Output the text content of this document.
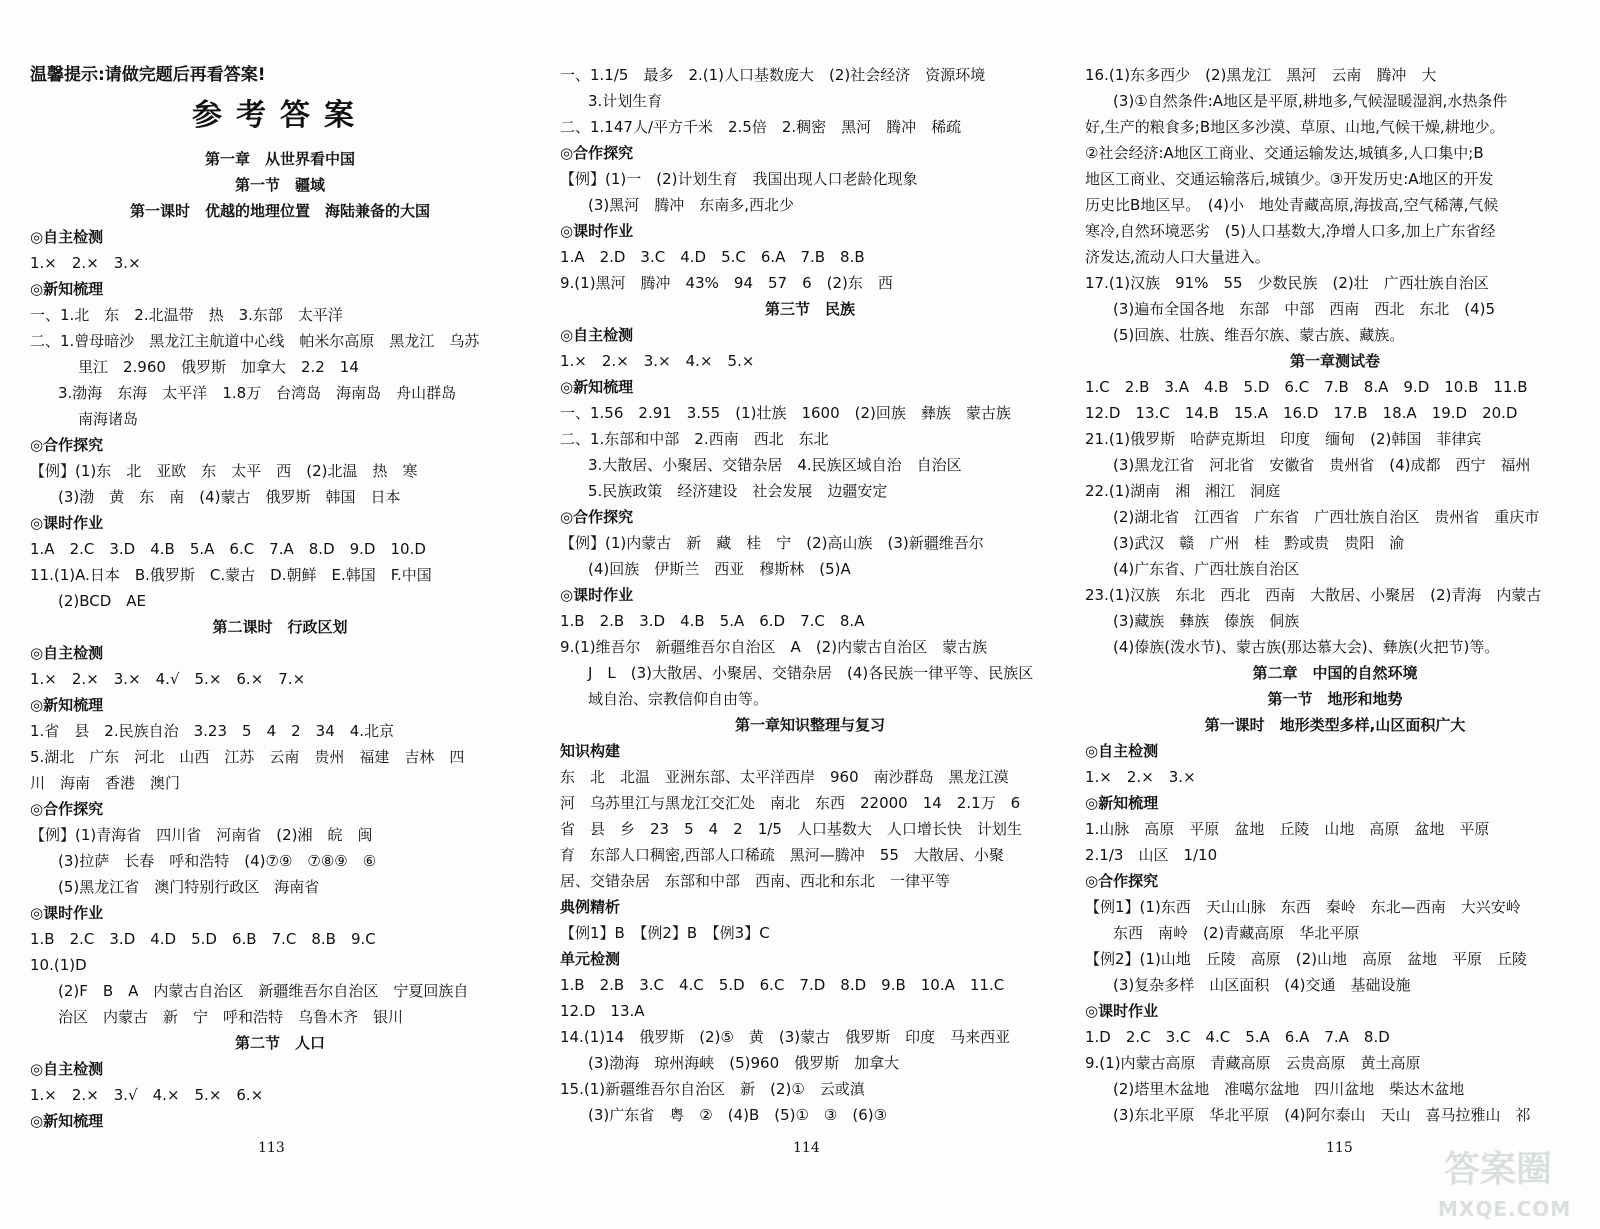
温馨提示:请做完题后再看答案!
参考答案
第一章　从世界看中国
第一节　疆域
第一课时　优越的地理位置　海陆兼备的大国
◎自主检测
1.×　2.×　3.×
◎新知梳理
一、1.北　东　2.北温带　热　3.东部　太平洋
二、1.曾母暗沙　黑龙江主航道中心线　帕米尔高原　黑龙江　乌苏
里江　2.960　俄罗斯　加拿大　2.2　14
3.渤海　东海　太平洋　1.8万　台湾岛　海南岛　舟山群岛
南海诸岛
◎合作探究
【例】(1)东　北　亚欧　东　太平　西　(2)北温　热　寒
(3)渤　黄　东　南　(4)蒙古　俄罗斯　韩国　日本
◎课时作业
1.A　2.C　3.D　4.B　5.A　6.C　7.A　8.D　9.D　10.D
11.(1)A.日本　B.俄罗斯　C.蒙古　D.朝鲜　E.韩国　F.中国
(2)BCD　AE
第二课时　行政区划
◎自主检测
1.×　2.×　3.×　4.√　5.×　6.×　7.×
◎新知梳理
1.省　县　2.民族自治　3.23　5　4　2　34　4.北京
5.湖北　广东　河北　山西　江苏　云南　贵州　福建　吉林　四
川　海南　香港　澳门
◎合作探究
【例】(1)青海省　四川省　河南省　(2)湘　皖　闽
(3)拉萨　长春　呼和浩特　(4)⑦⑨　⑦⑧⑨　⑥
(5)黑龙江省　澳门特别行政区　海南省
◎课时作业
1.B　2.C　3.D　4.D　5.D　6.B　7.C　8.B　9.C
10.(1)D
(2)F　B　A　内蒙古自治区　新疆维吾尔自治区　宁夏回族自
治区　内蒙古　新　宁　呼和浩特　乌鲁木齐　银川
第二节　人口
◎自主检测
1.×　2.×　3.√　4.×　5.×　6.×
◎新知梳理
一、1.1/5　最多　2.(1)人口基数庞大　(2)社会经济　资源环境
3.计划生育
二、1.147人/平方千米　2.5倍　2.稠密　黑河　腾冲　稀疏
◎合作探究
【例】(1)一　(2)计划生育　我国出现人口老龄化现象
(3)黑河　腾冲　东南多,西北少
◎课时作业
1.A　2.D　3.C　4.D　5.C　6.A　7.B　8.B
9.(1)黑河　腾冲　43%　94　57　6　(2)东　西
第三节　民族
◎自主检测
1.×　2.×　3.×　4.×　5.×
◎新知梳理
一、1.56　2.91　3.55　(1)壮族　1600　(2)回族　彝族　蒙古族
二、1.东部和中部　2.西南　西北　东北
3.大散居、小聚居、交错杂居　4.民族区域自治　自治区
5.民族政策　经济建设　社会发展　边疆安定
◎合作探究
【例】(1)内蒙古　新　藏　桂　宁　(2)高山族　(3)新疆维吾尔
(4)回族　伊斯兰　西亚　穆斯林　(5)A
◎课时作业
1.B　2.B　3.D　4.B　5.A　6.D　7.C　8.A
9.(1)维吾尔　新疆维吾尔自治区　A　(2)内蒙古自治区　蒙古族
J　L　(3)大散居、小聚居、交错杂居　(4)各民族一律平等、民族区
域自治、宗教信仰自由等。
第一章知识整理与复习
知识构建
东　北　北温　亚洲东部、太平洋西岸　960　南沙群岛　黑龙江漠
河　乌苏里江与黑龙江交汇处　南北　东西　22000　14　2.1万　6
省　县　乡　23　5　4　2　1/5　人口基数大　人口增长快　计划生
育　东部人口稠密,西部人口稀疏　黑河—腾冲　55　大散居、小聚
居、交错杂居　东部和中部　西南、西北和东北　一律平等
典例精析
【例1】B　【例2】B　【例3】C
单元检测
1.B　2.B　3.C　4.C　5.D　6.C　7.D　8.D　9.B　10.A　11.C
12.D　13.A
14.(1)14　俄罗斯　(2)⑤　黄　(3)蒙古　俄罗斯　印度　马来西亚
(3)渤海　琼州海峡　(5)960　俄罗斯　加拿大
15.(1)新疆维吾尔自治区　新　(2)①　云或滇
(3)广东省　粤　②　(4)B　(5)①　③　(6)③
16.(1)东多西少　(2)黑龙江　黑河　云南　腾冲　大
(3)①自然条件:A地区是平原,耕地多,气候湿暖湿润,水热条件
好,生产的粮食多;B地区多沙漠、草原、山地,气候干燥,耕地少。
②社会经济:A地区工商业、交通运输发达,城镇多,人口集中;B
地区工商业、交通运输落后,城镇少。③开发历史:A地区的开发
历史比B地区早。　(4)小　地处青藏高原,海拔高,空气稀薄,气候
寒冷,自然环境恶劣　(5)人口基数大,净增人口多,加上广东省经
济发达,流动人口大量进入。
17.(1)汉族　91%　55　少数民族　(2)壮　广西壮族自治区
(3)遍布全国各地　东部　中部　西南　西北　东北　(4)5
(5)回族、壮族、维吾尔族、蒙古族、藏族。
第一章测试卷
1.C　2.B　3.A　4.B　5.D　6.C　7.B　8.A　9.D　10.B　11.B
12.D　13.C　14.B　15.A　16.D　17.B　18.A　19.D　20.D
21.(1)俄罗斯　哈萨克斯坦　印度　缅甸　(2)韩国　菲律宾
(3)黑龙江省　河北省　安徽省　贵州省　(4)成都　西宁　福州
22.(1)湖南　湘　湘江　洞庭
(2)湖北省　江西省　广东省　广西壮族自治区　贵州省　重庆市
(3)武汉　赣　广州　桂　黔或贵　贵阳　渝
(4)广东省、广西壮族自治区
23.(1)汉族　东北　西北　西南　大散居、小聚居　(2)青海　内蒙古
(3)藏族　彝族　傣族　侗族
(4)傣族(泼水节)、蒙古族(那达慕大会)、彝族(火把节)等。
第二章　中国的自然环境
第一节　地形和地势
第一课时　地形类型多样,山区面积广大
◎自主检测
1.×　2.×　3.×
◎新知梳理
1.山脉　高原　平原　盆地　丘陵　山地　高原　盆地　平原
2.1/3　山区　1/10
◎合作探究
【例1】(1)东西　天山山脉　东西　秦岭　东北—西南　大兴安岭
东西　南岭　(2)青藏高原　华北平原
【例2】(1)山地　丘陵　高原　(2)山地　高原　盆地　平原　丘陵
(3)复杂多样　山区面积　(4)交通　基础设施
◎课时作业
1.D　2.C　3.C　4.C　5.A　6.A　7.A　8.D
9.(1)内蒙古高原　青藏高原　云贵高原　黄土高原
(2)塔里木盆地　准噶尔盆地　四川盆地　柴达木盆地
(3)东北平原　华北平原　(4)阿尔泰山　天山　喜马拉雅山　祁
113	114	115
答案圈
MXQE.COM
